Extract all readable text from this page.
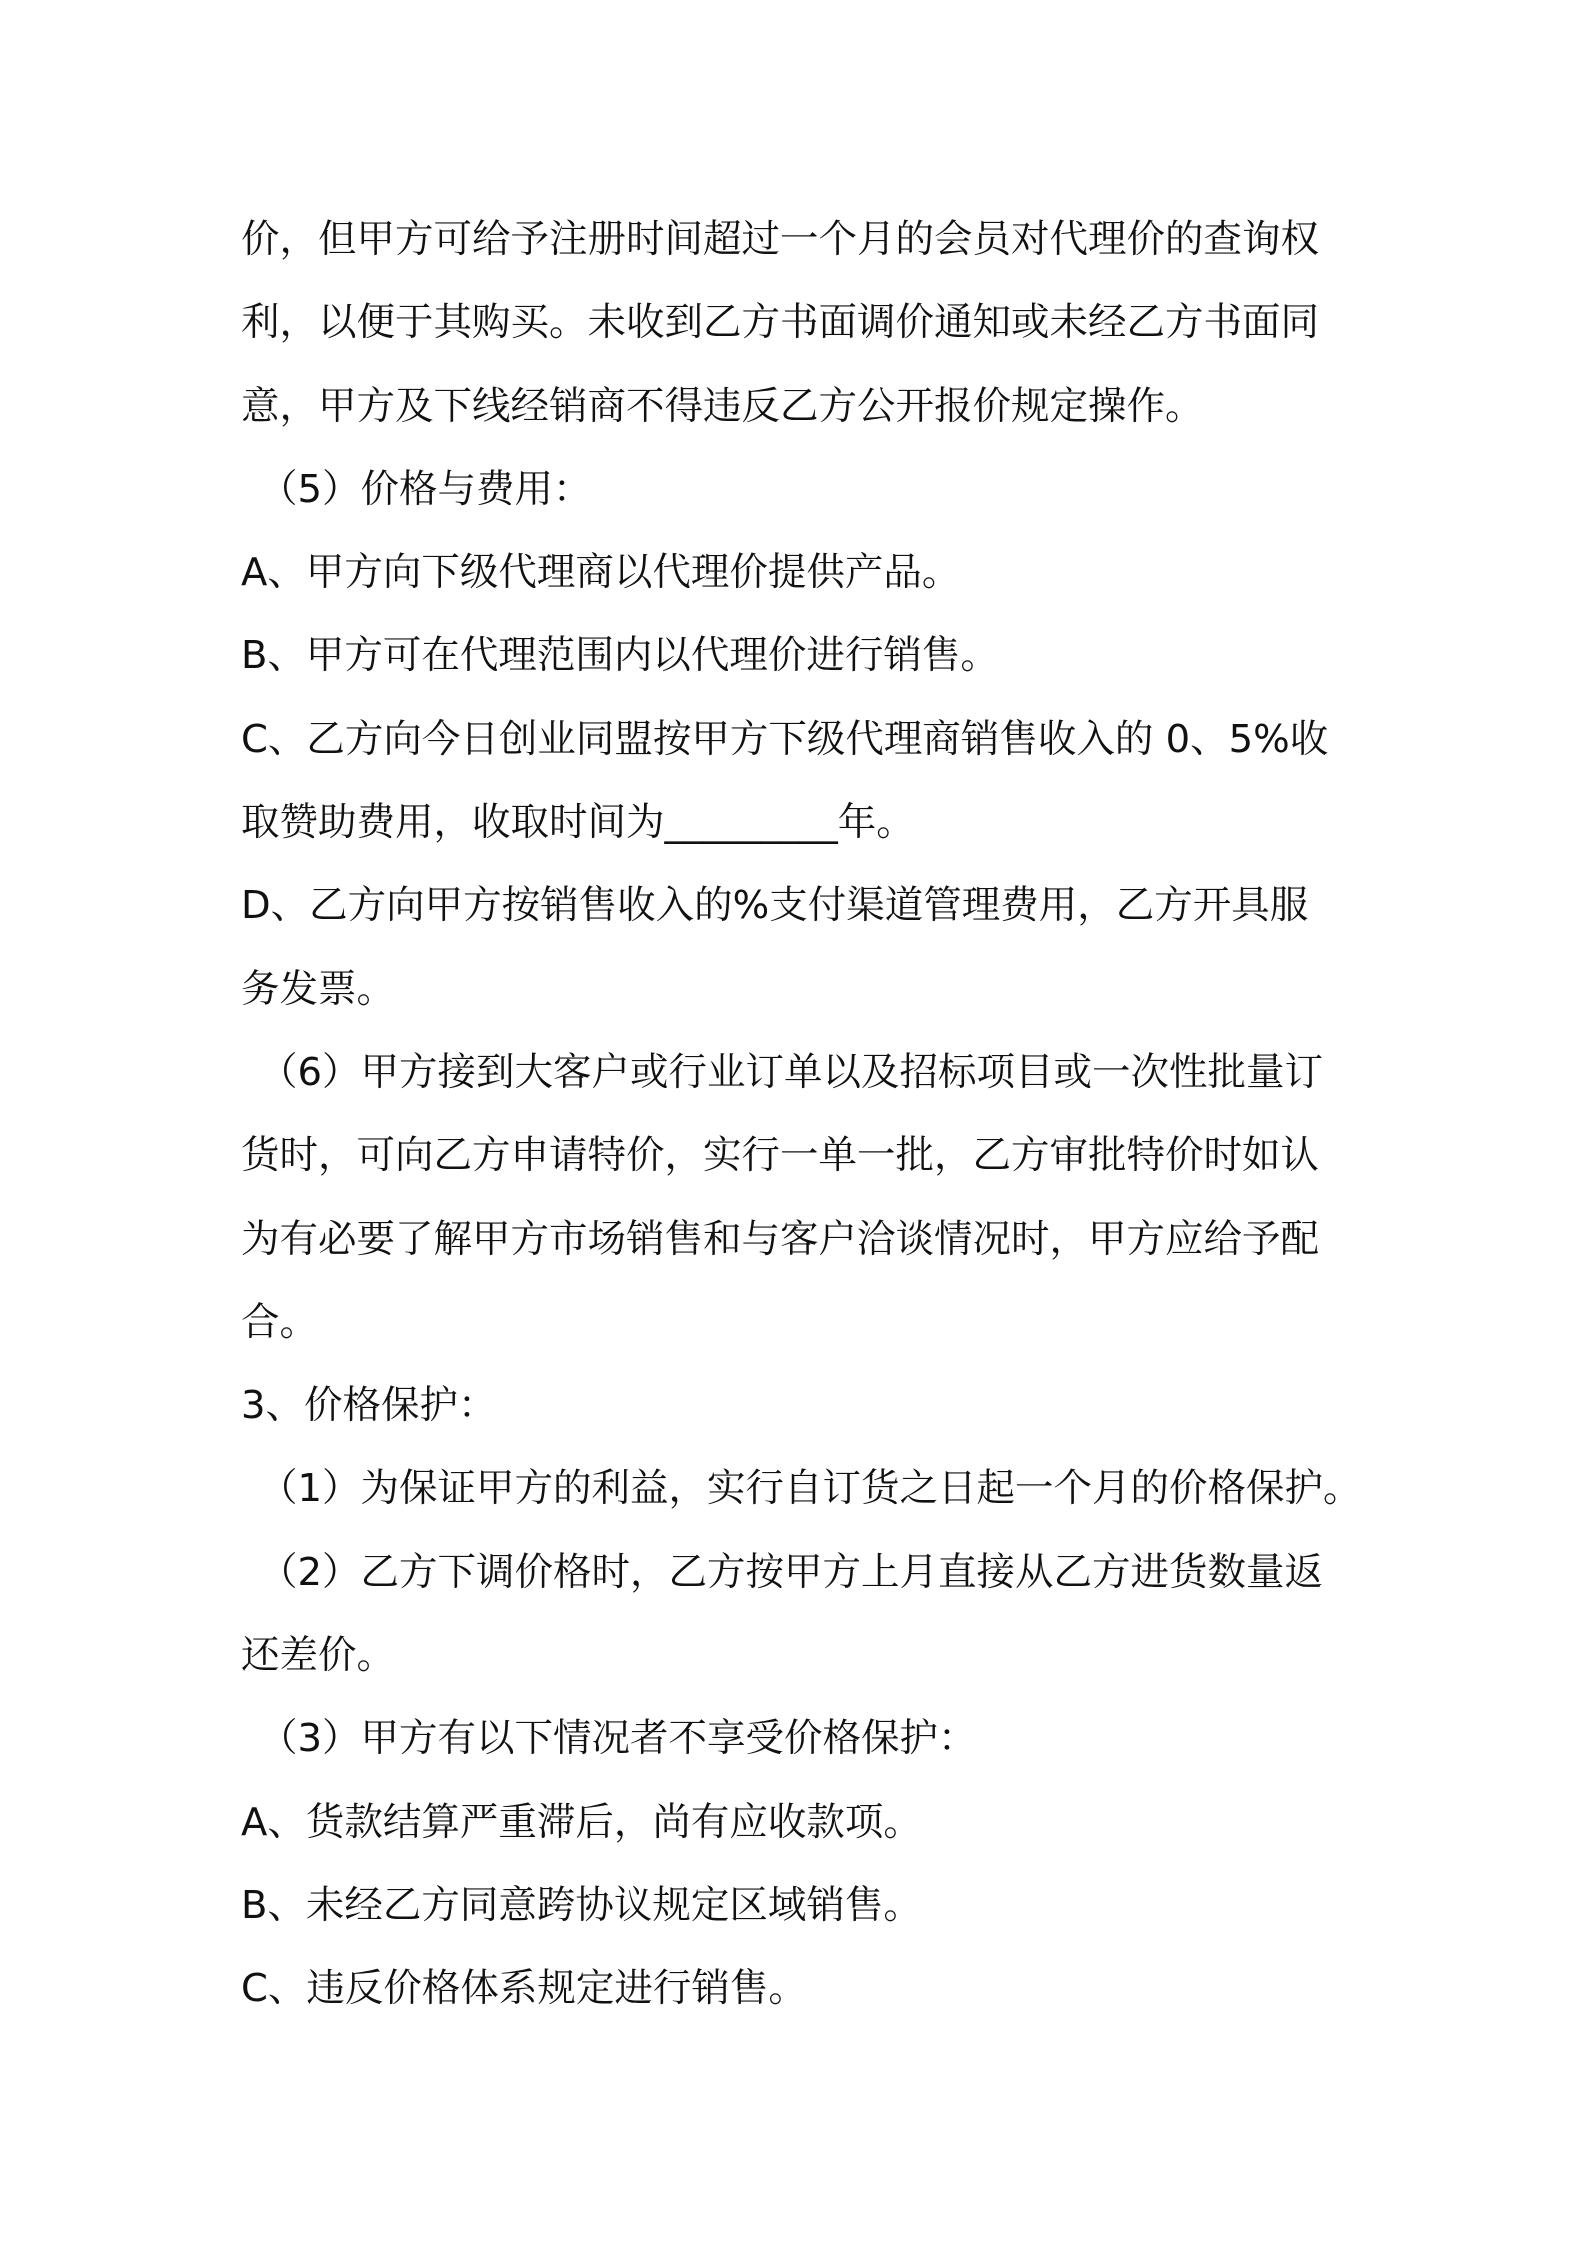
价，但甲方可给予注册时间超过一个月的会员对代理价的查询权
利，以便于其购买。未收到乙方书面调价通知或未经乙方书面同
意，甲方及下线经销商不得违反乙方公开报价规定操作。
（5）价格与费用：
A、甲方向下级代理商以代理价提供产品。
B、甲方可在代理范围内以代理价进行销售。
C、乙方向今日创业同盟按甲方下级代理商销售收入的 0、5%收
取赞助费用，收取时间为_________年。
D、乙方向甲方按销售收入的%支付渠道管理费用，乙方开具服
务发票。
（6）甲方接到大客户或行业订单以及招标项目或一次性批量订
货时，可向乙方申请特价，实行一单一批，乙方审批特价时如认
为有必要了解甲方市场销售和与客户洽谈情况时，甲方应给予配
合。
3、价格保护：
（1）为保证甲方的利益，实行自订货之日起一个月的价格保护。
（2）乙方下调价格时，乙方按甲方上月直接从乙方进货数量返
还差价。
（3）甲方有以下情况者不享受价格保护：
A、货款结算严重滞后，尚有应收款项。
B、未经乙方同意跨协议规定区域销售。
C、违反价格体系规定进行销售。
